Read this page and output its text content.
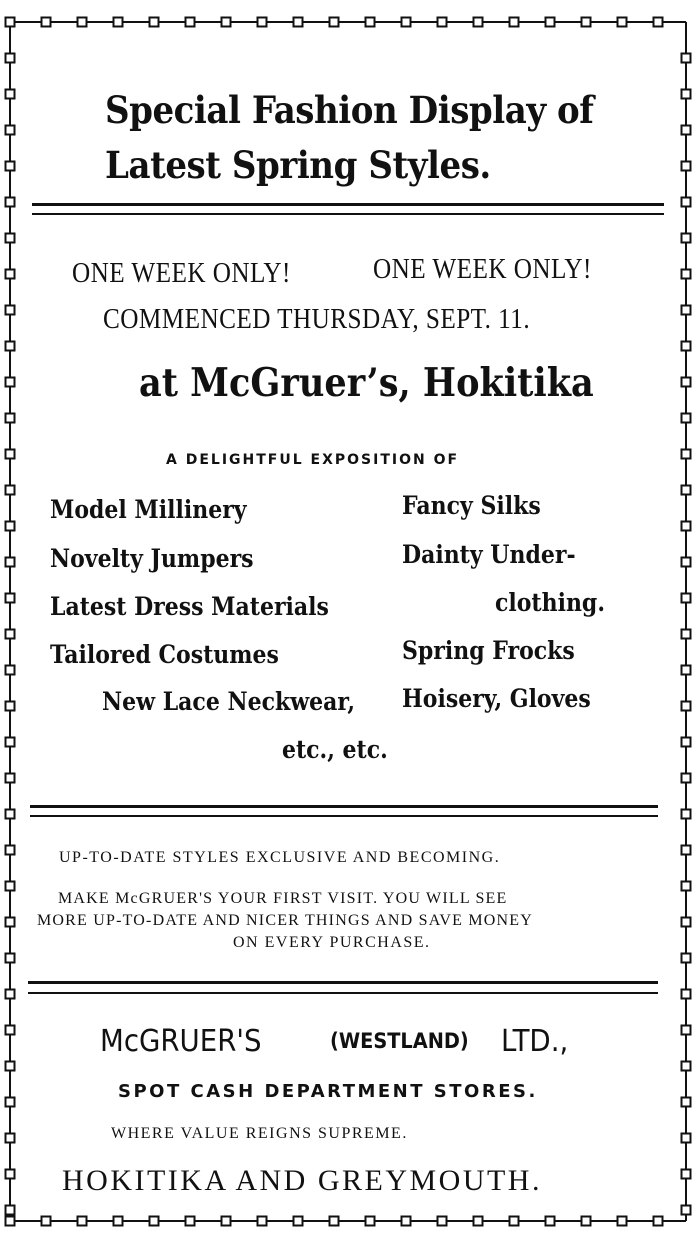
Special Fashion Display of
Latest Spring Styles.
ONE WEEK ONLY!	ONE WEEK ONLY!
COMMENCED THURSDAY, SEPT. 11.
at McGruer’s, Hokitika
A DELIGHTFUL EXPOSITION OF
Model Millinery
Novelty Jumpers
Latest Dress Materials
Tailored Costumes
New Lace Neckwear,
Fancy Silks
Dainty Under-
clothing.
Spring Frocks
Hoisery, Gloves
etc., etc.
UP-TO-DATE STYLES EXCLUSIVE AND BECOMING.
MAKE McGRUER'S YOUR FIRST VISIT. YOU WILL SEE
MORE UP-TO-DATE AND NICER THINGS AND SAVE MONEY
ON EVERY PURCHASE.
McGRUER'S	(WESTLAND) LTD.,
SPOT CASH DEPARTMENT STORES.
WHERE VALUE REIGNS SUPREME.
HOKITIKA AND GREYMOUTH.
